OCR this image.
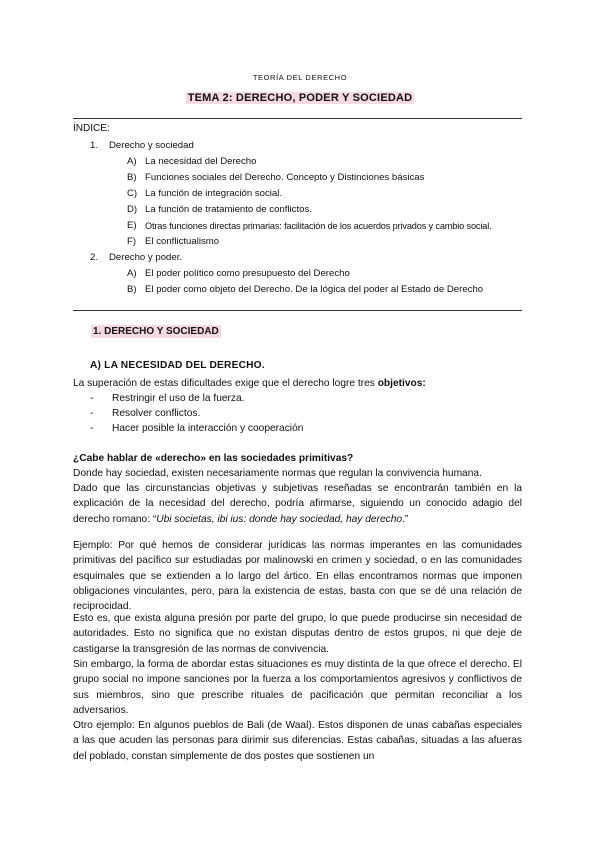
TEORÍA DEL DERECHO
TEMA 2: DERECHO, PODER Y SOCIEDAD
ÍNDICE:
1. Derecho y sociedad
A) La necesidad del Derecho
B) Funciones sociales del Derecho. Concepto y Distinciones básicas
C) La función de integración social.
D) La función de tratamiento de conflictos.
E) Otras funciones directas primarias: facilitación de los acuerdos privados y cambio social.
F) El conflictualismo
2. Derecho y poder.
A) El poder político como presupuesto del Derecho
B) El poder como objeto del Derecho. De la lógica del poder al Estado de Derecho
1. DERECHO Y SOCIEDAD
A) LA NECESIDAD DEL DERECHO.
La superación de estas dificultades exige que el derecho logre tres objetivos:
- Restringir el uso de la fuerza.
- Resolver conflictos.
- Hacer posible la interacción y cooperación
¿Cabe hablar de «derecho» en las sociedades primitivas?
Donde hay sociedad, existen necesariamente normas que regulan la convivencia humana.
Dado que las circunstancias objetivas y subjetivas reseñadas se encontrarán también en la explicación de la necesidad del derecho, podría afirmarse, siguiendo un conocido adagio del derecho romano: “Ubi societas, ibi ius: donde hay sociedad, hay derecho.”
Ejemplo: Por qué hemos de considerar jurídicas las normas imperantes en las comunidades primitivas del pacífico sur estudiadas por malinowski en crimen y sociedad, o en las comunidades esquimales que se extienden a lo largo del ártico. En ellas encontramos normas que imponen obligaciones vinculantes, pero, para la existencia de estas, basta con que se dé una relación de reciprocidad.
Esto es, que exista alguna presión por parte del grupo, lo que puede producirse sin necesidad de autoridades. Esto no significa que no existan disputas dentro de estos grupos, ni que deje de castigarse la transgresión de las normas de convivencia.
Sin embargo, la forma de abordar estas situaciones es muy distinta de la que ofrece el derecho. El grupo social no impone sanciones por la fuerza a los comportamientos agresivos y conflictivos de sus miembros, sino que prescribe rituales de pacificación que permitan reconciliar a los adversarios.
Otro ejemplo: En algunos pueblos de Bali (de Waal). Estos disponen de unas cabañas especiales a las que acuden las personas para dirimir sus diferencias. Estas cabañas, situadas a las afueras del poblado, constan simplemente de dos postes que sostienen un
